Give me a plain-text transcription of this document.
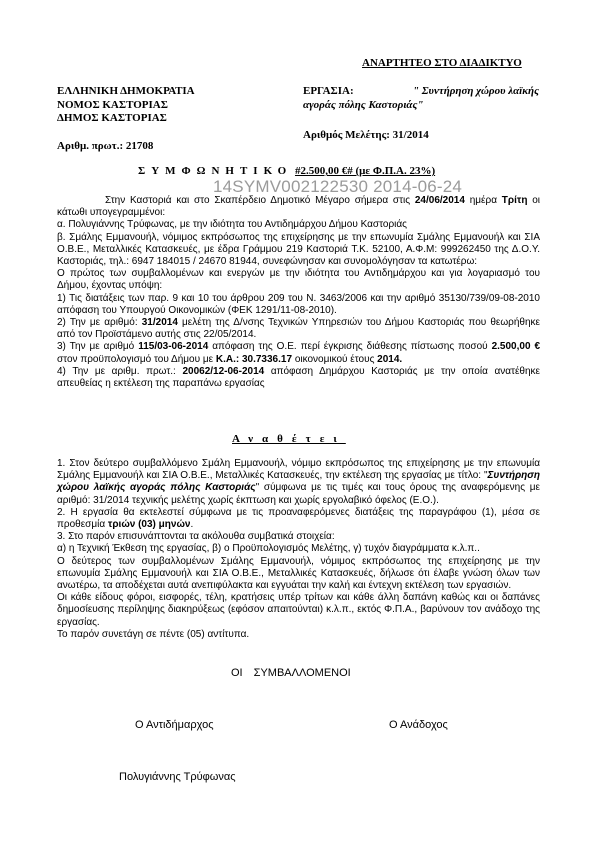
ΑΝΑΡΤΗΤΕΟ ΣΤΟ ΔΙΑΔΙΚΤΥΟ
ΕΛΛΗΝΙΚΗ ΔΗΜΟΚΡΑΤΙΑ
ΝΟΜΟΣ ΚΑΣΤΟΡΙΑΣ
ΔΗΜΟΣ ΚΑΣΤΟΡΙΑΣ
Αριθμ. πρωτ.: 21708
ΕΡΓΑΣΙΑ:	" Συντήρηση χώρου λαϊκής
αγοράς πόλης Καστοριάς"
Αριθμός Μελέτης: 31/2014
ΣΥΜΦΩΝΗΤΙΚΟ #2.500,00 €# (με Φ.Π.Α. 23%)
14SYMV002122530 2014-06-24

Στην Καστοριά και στο Σκαπέρδειο Δημοτικό Μέγαρο σήμερα στις 24/06/2014 ημέρα Τρίτη οι κάτωθι υπογεγραμμένοι:

α. Πολυγιάννης Τρύφωνας, με την ιδιότητα του Αντιδημάρχου Δήμου Καστοριάς

β. Σμάλης Εμμανουήλ, νόμιμος εκπρόσωπος της επιχείρησης με την επωνυμία Σμάλης Εμμανουήλ και ΣΙΑ Ο.Β.Ε., Μεταλλικές Κατασκευές, με έδρα Γράμμου 219 Καστοριά Τ.Κ. 52100, Α.Φ.Μ: 999262450 της Δ.Ο.Υ. Καστοριάς, τηλ.: 6947 184015 / 24670 81944, συνεφώνησαν και συνομολόγησαν τα κατωτέρω:

Ο πρώτος των συμβαλλομένων και ενεργών με την ιδιότητα του Αντιδημάρχου και για λογαριασμό του Δήμου, έχοντας υπόψη:

1) Τις διατάξεις των παρ. 9 και 10 του άρθρου 209 του Ν. 3463/2006 και την αριθμό 35130/739/09-08-2010 απόφαση του Υπουργού Οικονομικών (ΦΕΚ 1291/11-08-2010).

2) Την με αριθμό: 31/2014 μελέτη της Δ/νσης Τεχνικών Υπηρεσιών του Δήμου Καστοριάς που θεωρήθηκε από τον Προϊστάμενο αυτής στις 22/05/2014.

3) Την με αριθμό 115/03-06-2014 απόφαση της Ο.Ε. περί έγκρισης διάθεσης πίστωσης ποσού 2.500,00 € στον προϋπολογισμό του Δήμου με Κ.Α.: 30.7336.17 οικονομικού έτους 2014.

4) Την με αριθμ. πρωτ.: 20062/12-06-2014 απόφαση Δημάρχου Καστοριάς με την οποία ανατέθηκε απευθείας η εκτέλεση της παραπάνω εργασίας

Αναθέτει

1. Στον δεύτερο συμβαλλόμενο Σμάλη Εμμανουήλ, νόμιμο εκπρόσωπος της επιχείρησης με την επωνυμία Σμάλης Εμμανουήλ και ΣΙΑ Ο.Β.Ε., Μεταλλικές Κατασκευές, την εκτέλεση της εργασίας με τίτλο: "Συντήρηση χώρου λαϊκής αγοράς πόλης Καστοριάς" σύμφωνα με τις τιμές και τους όρους της αναφερόμενης με αριθμό: 31/2014 τεχνικής μελέτης χωρίς έκπτωση και χωρίς εργολαβικό όφελος (Ε.Ο.).

2. Η εργασία θα εκτελεστεί σύμφωνα με τις προαναφερόμενες διατάξεις της παραγράφου (1), μέσα σε προθεσμία τριών (03) μηνών.

3. Στο παρόν επισυνάπτονται τα ακόλουθα συμβατικά στοιχεία:

α) η Τεχνική Έκθεση της εργασίας, β) ο Προϋπολογισμός Μελέτης, γ) τυχόν διαγράμματα κ.λ.π..

Ο δεύτερος των συμβαλλομένων Σμάλης Εμμανουήλ, νόμιμος εκπρόσωπος της επιχείρησης με την επωνυμία Σμάλης Εμμανουήλ και ΣΙΑ Ο.Β.Ε., Μεταλλικές Κατασκευές, δήλωσε ότι έλαβε γνώση όλων των ανωτέρω, τα αποδέχεται αυτά ανεπιφύλακτα και εγγυάται την καλή και έντεχνη εκτέλεση των εργασιών.

Οι κάθε είδους φόροι, εισφορές, τέλη, κρατήσεις υπέρ τρίτων και κάθε άλλη δαπάνη καθώς και οι δαπάνες δημοσίευσης περίληψης διακηρύξεως (εφόσον απαιτούνται) κ.λ.π., εκτός Φ.Π.Α., βαρύνουν τον ανάδοχο της εργασίας.

Το παρόν συνετάγη σε πέντε (05) αντίτυπα.

ΟΙ ΣΥΜΒΑΛΛΟΜΕΝΟΙ
Ο Αντιδήμαρχος	Ο Ανάδοχος
Πολυγιάννης Τρύφωνας
